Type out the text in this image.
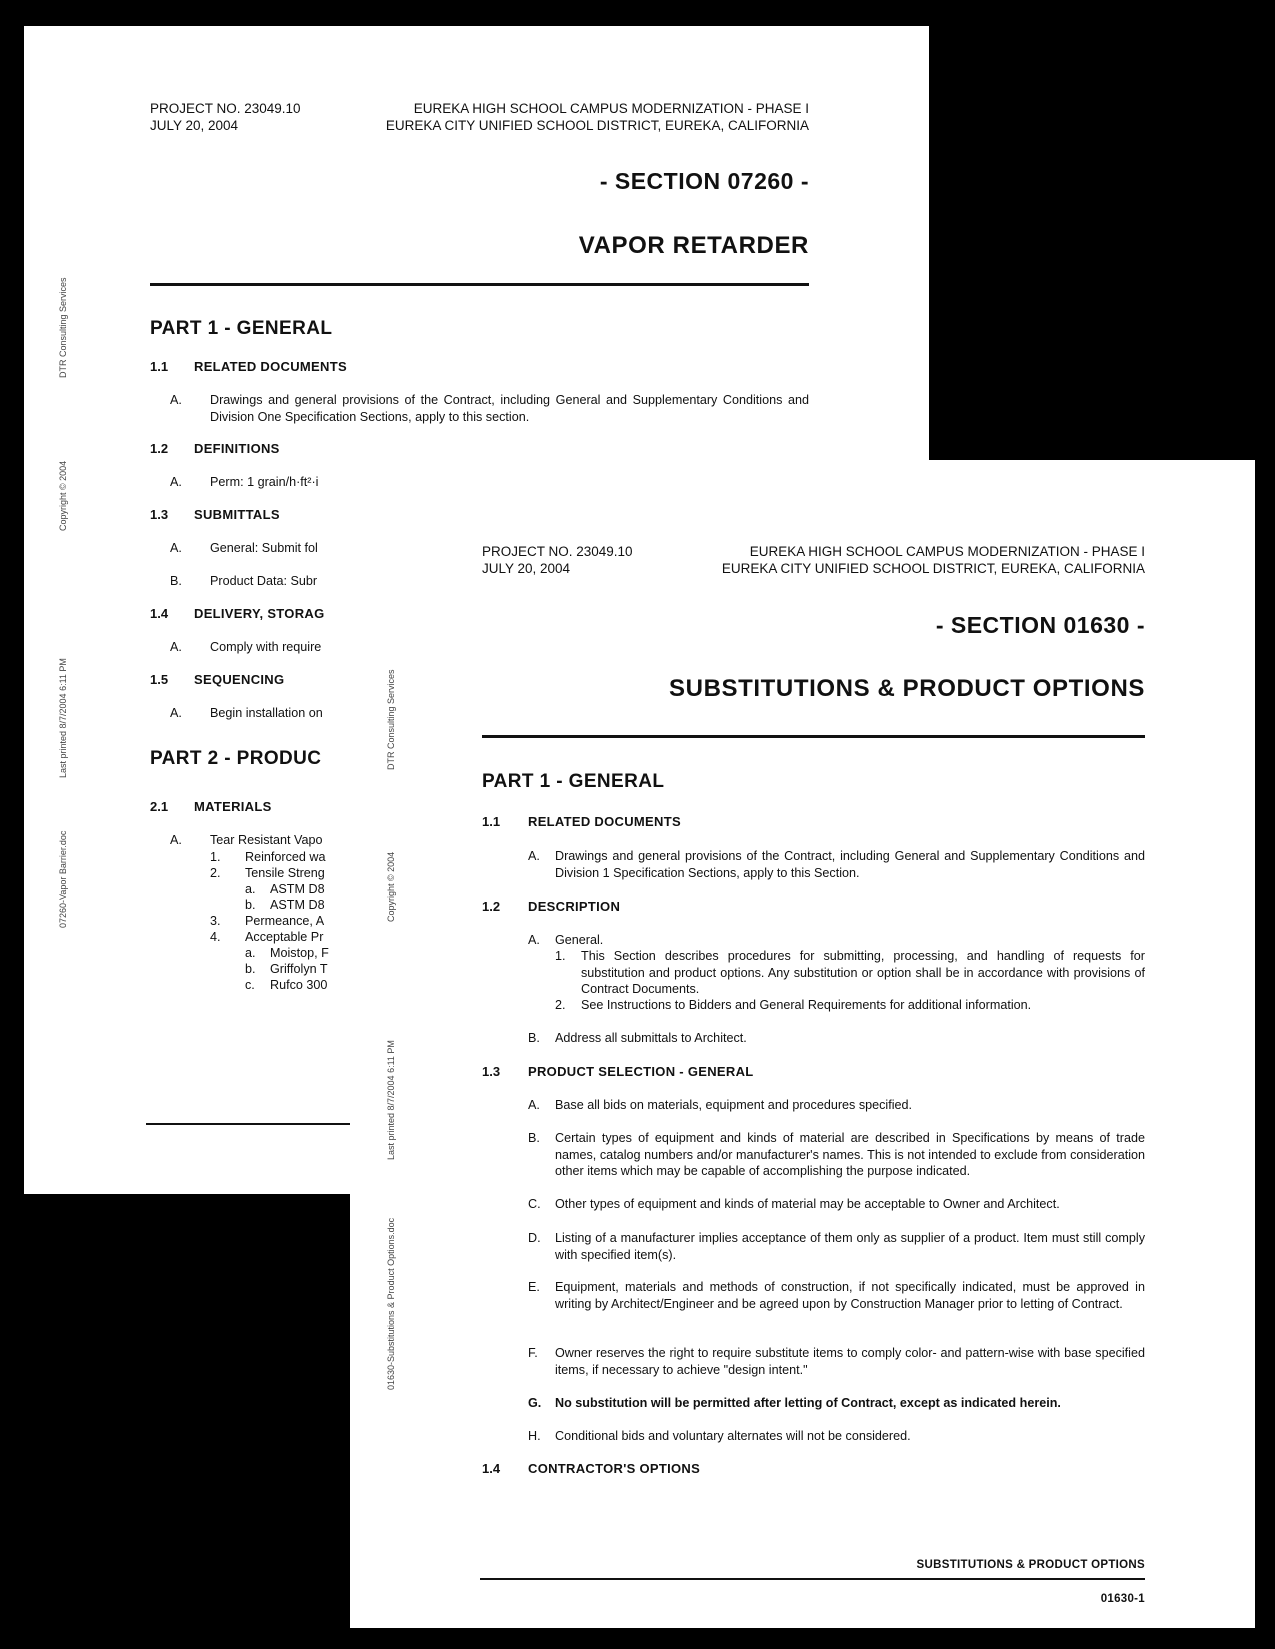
PROJECT NO. 23049.10
JULY 20, 2004
EUREKA HIGH SCHOOL CAMPUS MODERNIZATION - PHASE I
EUREKA CITY UNIFIED SCHOOL DISTRICT, EUREKA, CALIFORNIA
- SECTION 07260 -
VAPOR RETARDER
PART 1 - GENERAL
1.1 RELATED DOCUMENTS
A. Drawings and general provisions of the Contract, including General and Supplementary Conditions and Division One Specification Sections, apply to this section.
1.2 DEFINITIONS
A. Perm: 1 grain/h·ft²·i
1.3 SUBMITTALS
A. General: Submit fol
B. Product Data: Subr
1.4 DELIVERY, STORAG
A. Comply with require
1.5 SEQUENCING
A. Begin installation on
PART 2 - PRODUC
2.1 MATERIALS
A. Tear Resistant Vapo
1. Reinforced wa
2. Tensile Streng
a. ASTM D8
b. ASTM D8
3. Permeance, A
4. Acceptable Pr
a. Moistop, F
b. Griffolyn T
c. Rufco 300
DTR Consulting Services
Copyright © 2004
Last printed 8/7/2004 6:11 PM
07260-Vapor Barrier.doc
PROJECT NO. 23049.10
JULY 20, 2004
EUREKA HIGH SCHOOL CAMPUS MODERNIZATION - PHASE I
EUREKA CITY UNIFIED SCHOOL DISTRICT, EUREKA, CALIFORNIA
- SECTION 01630 -
SUBSTITUTIONS & PRODUCT OPTIONS
PART 1 - GENERAL
1.1 RELATED DOCUMENTS
A. Drawings and general provisions of the Contract, including General and Supplementary Conditions and Division 1 Specification Sections, apply to this Section.
1.2 DESCRIPTION
A. General.
1. This Section describes procedures for submitting, processing, and handling of requests for substitution and product options. Any substitution or option shall be in accordance with provisions of Contract Documents.
2. See Instructions to Bidders and General Requirements for additional information.
B. Address all submittals to Architect.
1.3 PRODUCT SELECTION - GENERAL
A. Base all bids on materials, equipment and procedures specified.
B. Certain types of equipment and kinds of material are described in Specifications by means of trade names, catalog numbers and/or manufacturer's names. This is not intended to exclude from consideration other items which may be capable of accomplishing the purpose indicated.
C. Other types of equipment and kinds of material may be acceptable to Owner and Architect.
D. Listing of a manufacturer implies acceptance of them only as supplier of a product. Item must still comply with specified item(s).
E. Equipment, materials and methods of construction, if not specifically indicated, must be approved in writing by Architect/Engineer and be agreed upon by Construction Manager prior to letting of Contract.
F. Owner reserves the right to require substitute items to comply color- and pattern-wise with base specified items, if necessary to achieve "design intent."
G. No substitution will be permitted after letting of Contract, except as indicated herein.
H. Conditional bids and voluntary alternates will not be considered.
1.4 CONTRACTOR'S OPTIONS
SUBSTITUTIONS & PRODUCT OPTIONS
01630-1
DTR Consulting Services
Copyright © 2004
Last printed 8/7/2004 6:11 PM
01630-Substitutions & Product Options.doc
